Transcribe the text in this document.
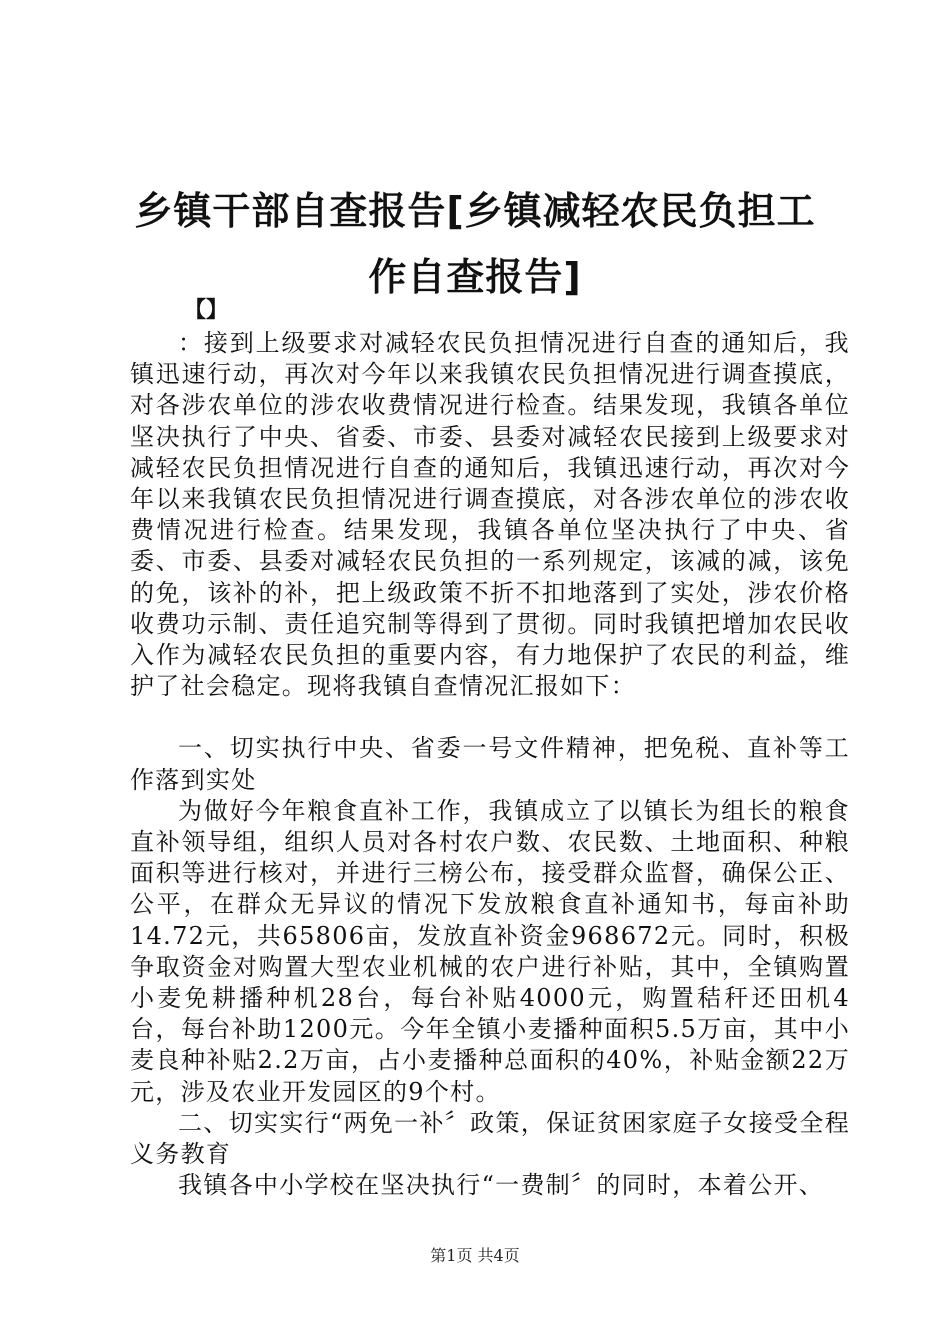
乡镇干部自查报告[乡镇减轻农民负担工作自查报告]
【】

：接到上级要求对减轻农民负担情况进行自查的通知后，我镇迅速行动，再次对今年以来我镇农民负担情况进行调查摸底，对各涉农单位的涉农收费情况进行检查。结果发现，我镇各单位坚决执行了中央、省委、市委、县委对减轻农民接到上级要求对减轻农民负担情况进行自查的通知后，我镇迅速行动，再次对今年以来我镇农民负担情况进行调查摸底，对各涉农单位的涉农收费情况进行检查。结果发现，我镇各单位坚决执行了中央、省委、市委、县委对减轻农民负担的一系列规定，该减的减，该免的免，该补的补，把上级政策不折不扣地落到了实处，涉农价格收费功示制、责任追究制等得到了贯彻。同时我镇把增加农民收入作为减轻农民负担的重要内容，有力地保护了农民的利益，维护了社会稳定。现将我镇自查情况汇报如下：

一、切实执行中央、省委一号文件精神，把免税、直补等工作落到实处

为做好今年粮食直补工作，我镇成立了以镇长为组长的粮食直补领导组，组织人员对各村农户数、农民数、土地面积、种粮面积等进行核对，并进行三榜公布，接受群众监督，确保公正、公平，在群众无异议的情况下发放粮食直补通知书，每亩补助14.72元，共65806亩，发放直补资金968672元。同时，积极争取资金对购置大型农业机械的农户进行补贴，其中，全镇购置小麦免耕播种机28台，每台补贴4000元，购置秸秆还田机4台，每台补助1200元。今年全镇小麦播种面积5.5万亩，其中小麦良种补贴2.2万亩，占小麦播种总面积的40%，补贴金额22万元，涉及农业开发园区的9个村。

二、切实实行“两免一补〞政策，保证贫困家庭子女接受全程义务教育

我镇各中小学校在坚决执行“一费制〞的同时，本着公开、

第1页 共4页
